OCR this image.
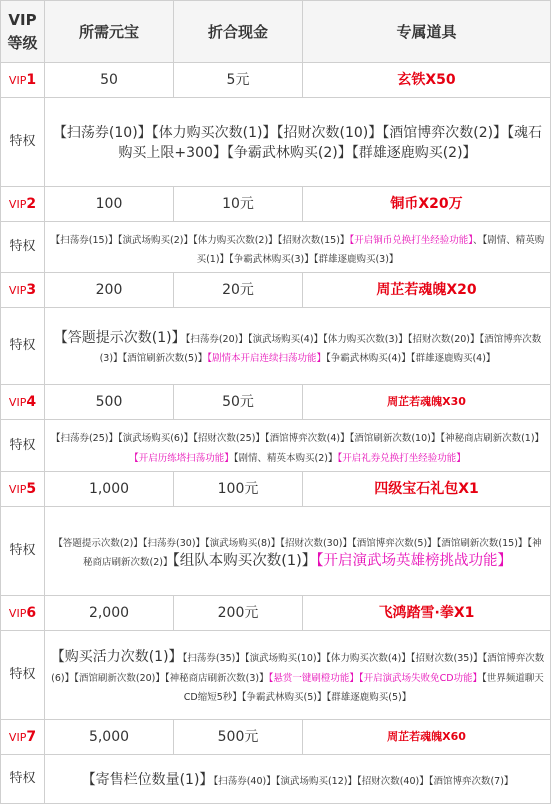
VIP
等级	所需元宝	折合现金	专属道具
VIP1	50	5元	玄铁X50
特权	【扫荡券(10)】【体力购买次数(1)】【招财次数(10)】【酒馆博弈次数(2)】【魂石购买上限+300】【争霸武林购买(2)】【群雄逐鹿购买(2)】		
VIP2	100	10元	铜币X20万
特权	【扫荡券(15)】【演武场购买(2)】【体力购买次数(2)】【招财次数(15)】【开启铜币兑换打坐经验功能】、【剧情、精英购买(1)】【争霸武林购买(3)】【群雄逐鹿购买(3)】		
VIP3	200	20元	周芷若魂魄X20
特权	【答题提示次数(1)】【扫荡券(20)】【演武场购买(4)】【体力购买次数(3)】【招财次数(20)】【酒馆博弈次数(3)】【酒馆刷新次数(5)】【剧情本开启连续扫荡功能】【争霸武林购买(4)】【群雄逐鹿购买(4)】		
VIP4	500	50元	周芷若魂魄X30
特权	【扫荡券(25)】【演武场购买(6)】【招财次数(25)】【酒馆博弈次数(4)】【酒馆刷新次数(10)】【神秘商店刷新次数(1)】【开启历练塔扫荡功能】【剧情、精英本购买(2)】【开启礼券兑换打坐经验功能】		
VIP5	1,000	100元	四级宝石礼包X1
特权	【答题提示次数(2)】【扫荡券(30)】【演武场购买(8)】【招财次数(30)】【酒馆博弈次数(5)】【酒馆刷新次数(15)】【神秘商店刷新次数(2)】【组队本购买次数(1)】【开启演武场英雄榜挑战功能】		
VIP6	2,000	200元	飞鸿踏雪·拳X1
特权	【购买活力次数(1)】【扫荡券(35)】【演武场购买(10)】【体力购买次数(4)】【招财次数(35)】【酒馆博弈次数(6)】【酒馆刷新次数(20)】【神秘商店刷新次数(3)】【悬赏一键刷橙功能】【开启演武场失败免CD功能】【世界频道聊天CD缩短5秒】【争霸武林购买(5)】【群雄逐鹿购买(5)】		
VIP7	5,000	500元	周芷若魂魄X60
特权	【寄售栏位数量(1)】【扫荡券(40)】【演武场购买(12)】【招财次数(40)】【酒馆博弈次数(7)】		
